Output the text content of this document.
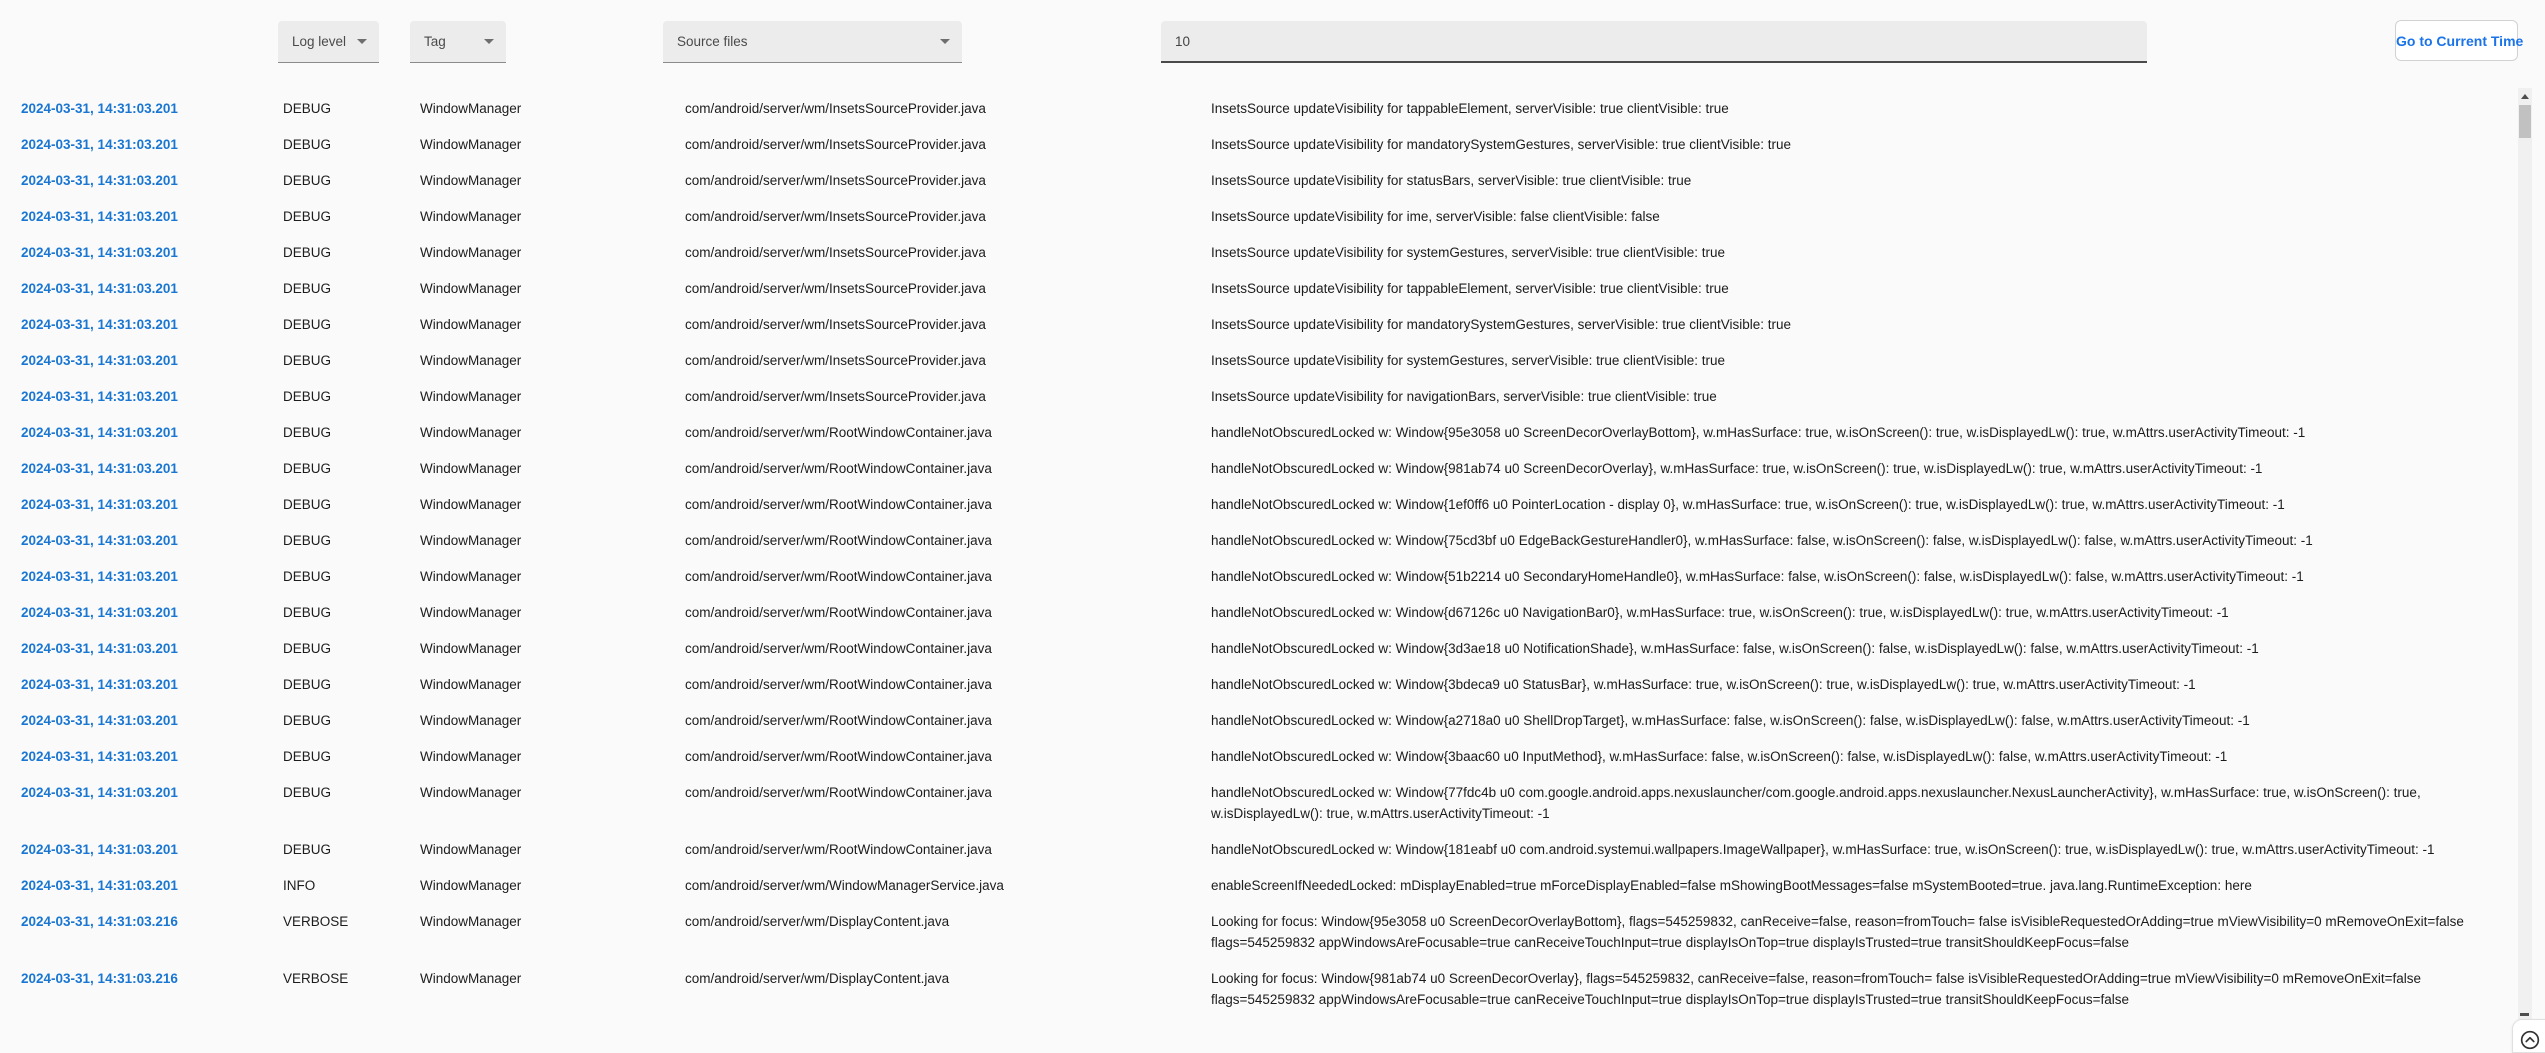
Log level	Tag	Source files
10	Go to Current Time
2024-03-31, 14:31:03.201	DEBUG	WindowManager	com/android/server/wm/InsetsSourceProvider.java	InsetsSource updateVisibility for tappableElement, serverVisible: true clientVisible: true
2024-03-31, 14:31:03.201	DEBUG	WindowManager	com/android/server/wm/InsetsSourceProvider.java	InsetsSource updateVisibility for mandatorySystemGestures, serverVisible: true clientVisible: true
2024-03-31, 14:31:03.201	DEBUG	WindowManager	com/android/server/wm/InsetsSourceProvider.java	InsetsSource updateVisibility for statusBars, serverVisible: true clientVisible: true
2024-03-31, 14:31:03.201	DEBUG	WindowManager	com/android/server/wm/InsetsSourceProvider.java	InsetsSource updateVisibility for ime, serverVisible: false clientVisible: false
2024-03-31, 14:31:03.201	DEBUG	WindowManager	com/android/server/wm/InsetsSourceProvider.java	InsetsSource updateVisibility for systemGestures, serverVisible: true clientVisible: true
2024-03-31, 14:31:03.201	DEBUG	WindowManager	com/android/server/wm/InsetsSourceProvider.java	InsetsSource updateVisibility for tappableElement, serverVisible: true clientVisible: true
2024-03-31, 14:31:03.201	DEBUG	WindowManager	com/android/server/wm/InsetsSourceProvider.java	InsetsSource updateVisibility for mandatorySystemGestures, serverVisible: true clientVisible: true
2024-03-31, 14:31:03.201	DEBUG	WindowManager	com/android/server/wm/InsetsSourceProvider.java	InsetsSource updateVisibility for systemGestures, serverVisible: true clientVisible: true
2024-03-31, 14:31:03.201	DEBUG	WindowManager	com/android/server/wm/InsetsSourceProvider.java	InsetsSource updateVisibility for navigationBars, serverVisible: true clientVisible: true
2024-03-31, 14:31:03.201	DEBUG	WindowManager	com/android/server/wm/RootWindowContainer.java	handleNotObscuredLocked w: Window{95e3058 u0 ScreenDecorOverlayBottom}, w.mHasSurface: true, w.isOnScreen(): true, w.isDisplayedLw(): true, w.mAttrs.userActivityTimeout: -1
2024-03-31, 14:31:03.201	DEBUG	WindowManager	com/android/server/wm/RootWindowContainer.java	handleNotObscuredLocked w: Window{981ab74 u0 ScreenDecorOverlay}, w.mHasSurface: true, w.isOnScreen(): true, w.isDisplayedLw(): true, w.mAttrs.userActivityTimeout: -1
2024-03-31, 14:31:03.201	DEBUG	WindowManager	com/android/server/wm/RootWindowContainer.java	handleNotObscuredLocked w: Window{1ef0ff6 u0 PointerLocation - display 0}, w.mHasSurface: true, w.isOnScreen(): true, w.isDisplayedLw(): true, w.mAttrs.userActivityTimeout: -1
2024-03-31, 14:31:03.201	DEBUG	WindowManager	com/android/server/wm/RootWindowContainer.java	handleNotObscuredLocked w: Window{75cd3bf u0 EdgeBackGestureHandler0}, w.mHasSurface: false, w.isOnScreen(): false, w.isDisplayedLw(): false, w.mAttrs.userActivityTimeout: -1
2024-03-31, 14:31:03.201	DEBUG	WindowManager	com/android/server/wm/RootWindowContainer.java	handleNotObscuredLocked w: Window{51b2214 u0 SecondaryHomeHandle0}, w.mHasSurface: false, w.isOnScreen(): false, w.isDisplayedLw(): false, w.mAttrs.userActivityTimeout: -1
2024-03-31, 14:31:03.201	DEBUG	WindowManager	com/android/server/wm/RootWindowContainer.java	handleNotObscuredLocked w: Window{d67126c u0 NavigationBar0}, w.mHasSurface: true, w.isOnScreen(): true, w.isDisplayedLw(): true, w.mAttrs.userActivityTimeout: -1
2024-03-31, 14:31:03.201	DEBUG	WindowManager	com/android/server/wm/RootWindowContainer.java	handleNotObscuredLocked w: Window{3d3ae18 u0 NotificationShade}, w.mHasSurface: false, w.isOnScreen(): false, w.isDisplayedLw(): false, w.mAttrs.userActivityTimeout: -1
2024-03-31, 14:31:03.201	DEBUG	WindowManager	com/android/server/wm/RootWindowContainer.java	handleNotObscuredLocked w: Window{3bdeca9 u0 StatusBar}, w.mHasSurface: true, w.isOnScreen(): true, w.isDisplayedLw(): true, w.mAttrs.userActivityTimeout: -1
2024-03-31, 14:31:03.201	DEBUG	WindowManager	com/android/server/wm/RootWindowContainer.java	handleNotObscuredLocked w: Window{a2718a0 u0 ShellDropTarget}, w.mHasSurface: false, w.isOnScreen(): false, w.isDisplayedLw(): false, w.mAttrs.userActivityTimeout: -1
2024-03-31, 14:31:03.201	DEBUG	WindowManager	com/android/server/wm/RootWindowContainer.java	handleNotObscuredLocked w: Window{3baac60 u0 InputMethod}, w.mHasSurface: false, w.isOnScreen(): false, w.isDisplayedLw(): false, w.mAttrs.userActivityTimeout: -1
2024-03-31, 14:31:03.201	DEBUG	WindowManager	com/android/server/wm/RootWindowContainer.java	handleNotObscuredLocked w: Window{77fdc4b u0 com.google.android.apps.nexuslauncher/com.google.android.apps.nexuslauncher.NexusLauncherActivity}, w.mHasSurface: true, w.isOnScreen(): true, w.isDisplayedLw(): true, w.mAttrs.userActivityTimeout: -1
2024-03-31, 14:31:03.201	DEBUG	WindowManager	com/android/server/wm/RootWindowContainer.java	handleNotObscuredLocked w: Window{181eabf u0 com.android.systemui.wallpapers.ImageWallpaper}, w.mHasSurface: true, w.isOnScreen(): true, w.isDisplayedLw(): true, w.mAttrs.userActivityTimeout: -1
2024-03-31, 14:31:03.201	INFO	WindowManager	com/android/server/wm/WindowManagerService.java	enableScreenIfNeededLocked: mDisplayEnabled=true mForceDisplayEnabled=false mShowingBootMessages=false mSystemBooted=true. java.lang.RuntimeException: here
2024-03-31, 14:31:03.216	VERBOSE	WindowManager	com/android/server/wm/DisplayContent.java	Looking for focus: Window{95e3058 u0 ScreenDecorOverlayBottom}, flags=545259832, canReceive=false, reason=fromTouch= false isVisibleRequestedOrAdding=true mViewVisibility=0 mRemoveOnExit=false flags=545259832 appWindowsAreFocusable=true canReceiveTouchInput=true displayIsOnTop=true displayIsTrusted=true transitShouldKeepFocus=false
2024-03-31, 14:31:03.216	VERBOSE	WindowManager	com/android/server/wm/DisplayContent.java	Looking for focus: Window{981ab74 u0 ScreenDecorOverlay}, flags=545259832, canReceive=false, reason=fromTouch= false isVisibleRequestedOrAdding=true mViewVisibility=0 mRemoveOnExit=false flags=545259832 appWindowsAreFocusable=true canReceiveTouchInput=true displayIsOnTop=true displayIsTrusted=true transitShouldKeepFocus=false
